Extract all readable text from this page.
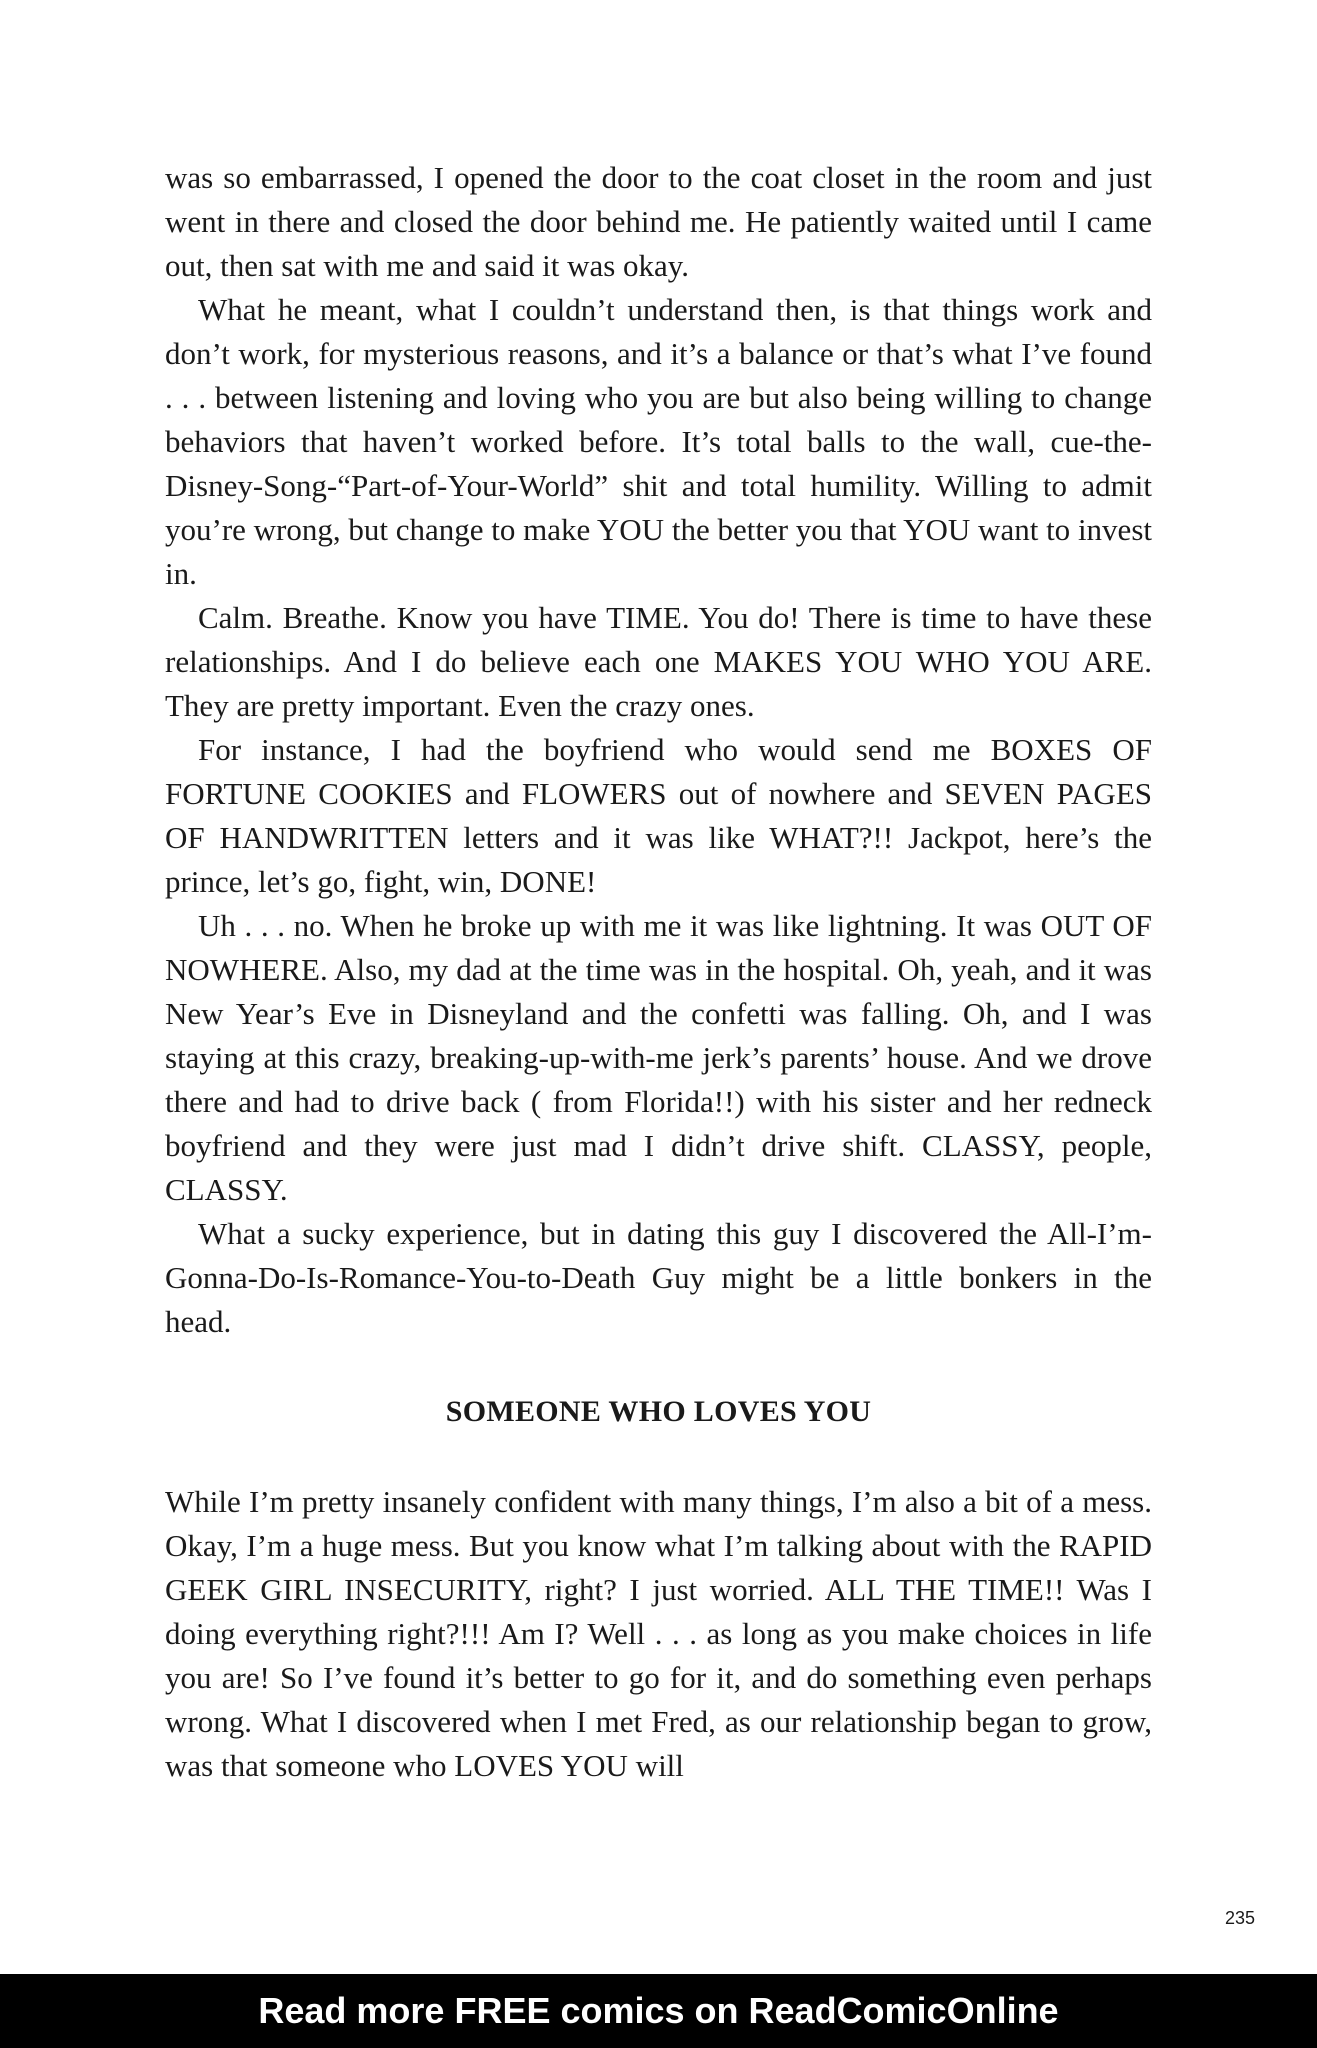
was so embarrassed, I opened the door to the coat closet in the room and just went in there and closed the door behind me. He patiently waited until I came out, then sat with me and said it was okay.

What he meant, what I couldn’t understand then, is that things work and don’t work, for mysterious reasons, and it’s a balance or that’s what I’ve found . . . between listening and loving who you are but also being willing to change behaviors that haven’t worked before. It’s total balls to the wall, cue-the-Disney-Song-“Part-of-Your-World” shit and total humility. Willing to admit you’re wrong, but change to make YOU the better you that YOU want to invest in.

Calm. Breathe. Know you have TIME. You do! There is time to have these relationships. And I do believe each one MAKES YOU WHO YOU ARE. They are pretty important. Even the crazy ones.

For instance, I had the boyfriend who would send me BOXES OF FORTUNE COOKIES and FLOWERS out of nowhere and SEVEN PAGES OF HANDWRITTEN letters and it was like WHAT?!! Jackpot, here’s the prince, let’s go, fight, win, DONE!

Uh . . . no. When he broke up with me it was like lightning. It was OUT OF NOWHERE. Also, my dad at the time was in the hospital. Oh, yeah, and it was New Year’s Eve in Disneyland and the confetti was falling. Oh, and I was staying at this crazy, breaking-up-with-me jerk’s parents’ house. And we drove there and had to drive back ( from Florida!!) with his sister and her redneck boyfriend and they were just mad I didn’t drive shift. CLASSY, people, CLASSY.

What a sucky experience, but in dating this guy I discovered the All-I’m-Gonna-Do-Is-Romance-You-to-Death Guy might be a little bonkers in the head.

SOMEONE WHO LOVES YOU

While I’m pretty insanely confident with many things, I’m also a bit of a mess. Okay, I’m a huge mess. But you know what I’m talking about with the RAPID GEEK GIRL INSECURITY, right? I just worried. ALL THE TIME!! Was I doing everything right?!!! Am I? Well . . . as long as you make choices in life you are! So I’ve found it’s better to go for it, and do something even perhaps wrong. What I discovered when I met Fred, as our relationship began to grow, was that someone who LOVES YOU will

235
Read more FREE comics on ReadComicOnline
